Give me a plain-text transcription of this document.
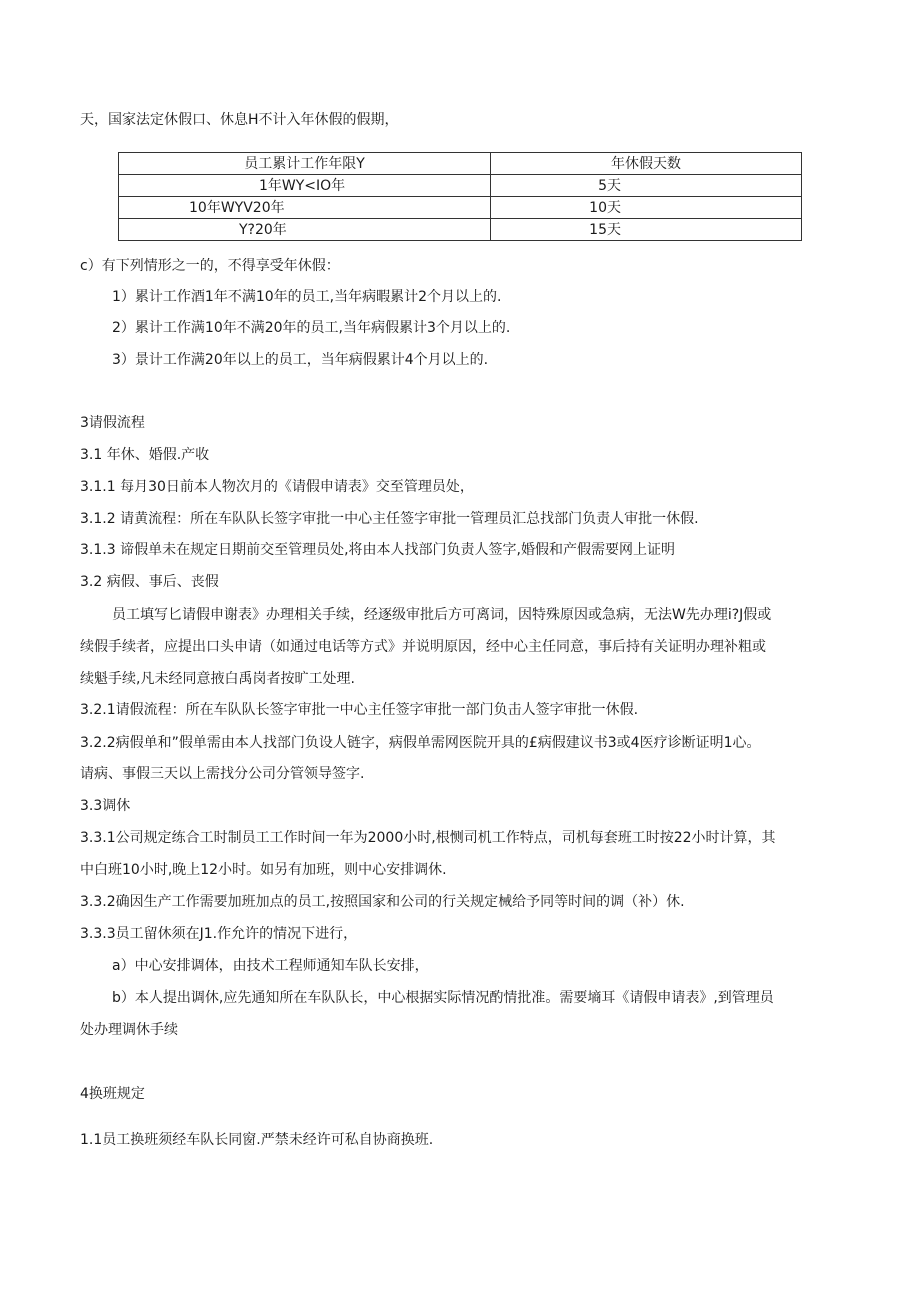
天，国家法定休假口、休息H不计入年休假的假期，
员工累计工作年限Y	年休假天数
1年WY<IO年	5天
10年WYV20年	10天
Y?20年	15天
c）有下列情形之一的，不得享受年休假：
1）累计工作酒1年不满10年的员工,当年病暇累计2个月以上的.
2）累计工作满10年不满20年的员工,当年病假累计3个月以上的.
3）景计工作满20年以上的员工，当年病假累计4个月以上的.
3请假流程
3.1 年休、婚假.产收
3.1.1 每月30日前本人物次月的《请假申请表》交至管理员处，
3.1.2 请黄流程：所在车队队长签字审批一中心主任签字审批一管理员汇总找部门负责人审批一休假.
3.1.3 谛假单未在规定日期前交至管理员处,将由本人找部门负责人签字,婚假和产假需要网上证明
3.2 病假、事后、丧假
员工填写匕请假申谢表》办理相关手续，经逐级审批后方可离词，因特殊原因或急病，无法W先办理i?J假或
续假手续者，应提出口头申请（如通过电话等方式》并说明原因，经中心主任同意，事后持有关证明办理补粗或
续魁手续,凡未经同意掖白禹岗者按旷工处理.
3.2.1请假流程：所在车队队长签字审批一中心主任签字审批一部门负击人签字审批一休假.
3.2.2病假单和”假单需由本人找部门负设人链字，病假单需网医院开具的£病假建议书3或4医疗诊断证明1心。
请病、事假三天以上需找分公司分管领导签字.
3.3调休
3.3.1公司规定练合工时制员工工作时间一年为2000小时,根恻司机工作特点，司机每套班工时按22小时计算，其
中白班10小时,晚上12小时。如另有加班，则中心安排调休.
3.3.2确因生产工作需要加班加点的员工,按照国家和公司的行关规定械给予同等时间的调（补）休.
3.3.3员工留休须在J1.作允许的情况下进行，
a）中心安排调体，由技术工程师通知车队长安排，
b）本人提出调休,应先通知所在车队队长，中心根据实际情况酌情批准。需要墒耳《请假申请表》,到管理员
处办理调休手续
4换班规定
1.1员工换班须经车队长同窗.严禁未经许可私自协商换班.
